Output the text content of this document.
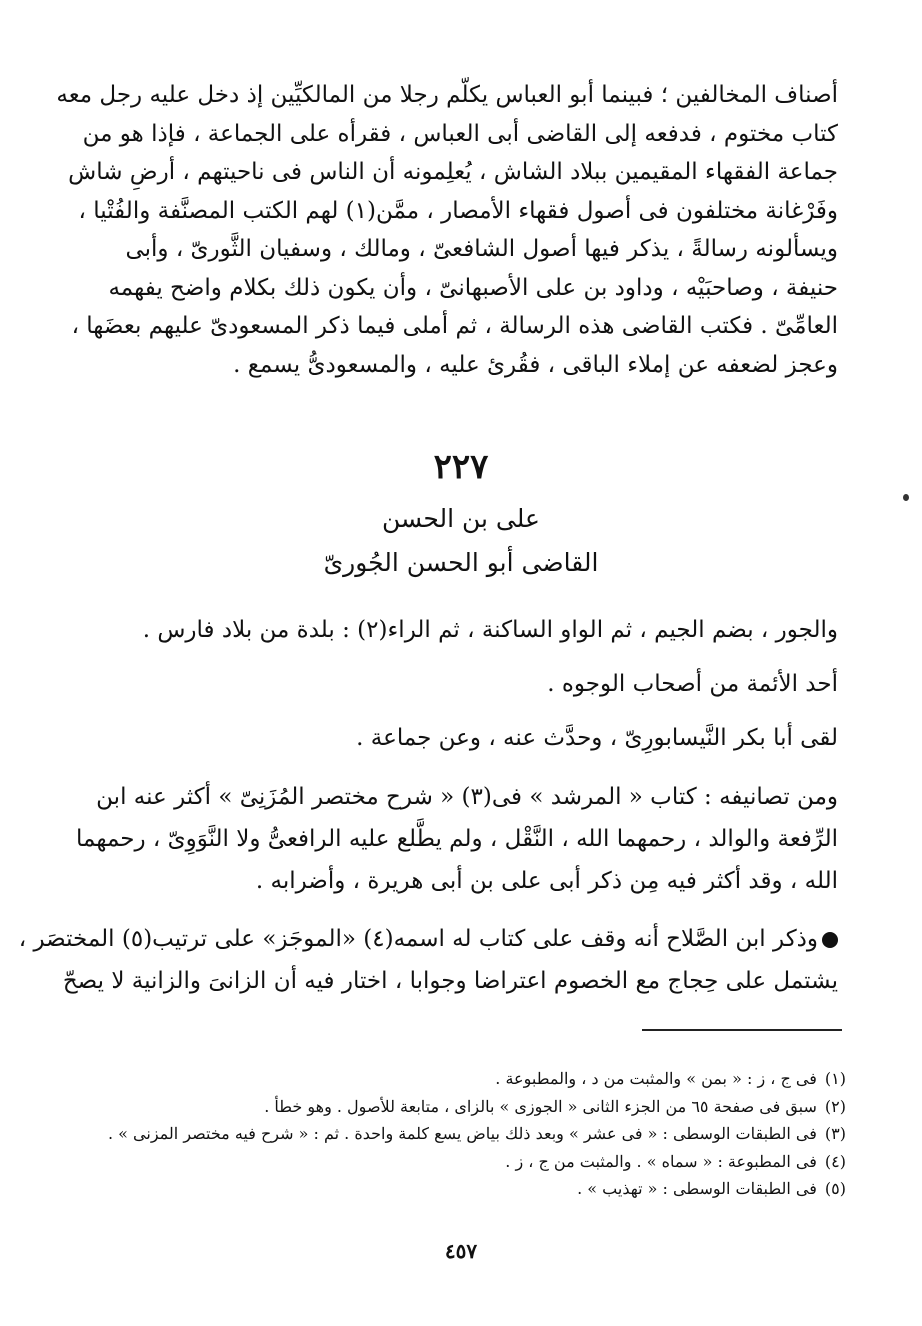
أصناف المخالفين ؛ فبينما أبو العباس يكلّم رجلا من المالكيِّين إذ دخل عليه رجل معه
كتاب مختوم ، فدفعه إلى القاضى أبى العباس ، فقرأه على الجماعة ، فإذا هو من
جماعة الفقهاء المقيمين ببلاد الشاش ، يُعلِمونه أن الناس فى ناحيتهم ، أرضِ شاش
وفَرْغانة مختلفون فى أصول فقهاء الأمصار ، ممَّن(١) لهم الكتب المصنَّفة والفُتْيا ،
ويسألونه رسالةً ، يذكر فيها أصول الشافعىّ ، ومالك ، وسفيان الثَّورىّ ، وأبى
حنيفة ، وصاحبَيْه ، وداود بن على الأصبهانىّ ، وأن يكون ذلك بكلام واضح يفهمه
العامِّىّ . فكتب القاضى هذه الرسالة ، ثم أملى فيما ذكر المسعودىّ عليهم بعضَها ،
وعجز لضعفه عن إملاء الباقى ، فقُرئ عليه ، والمسعودىُّ يسمع .

٢٢٧
على بن الحسن
القاضى أبو الحسن الجُورىّ

والجور ، بضم الجيم ، ثم الواو الساكنة ، ثم الراء(٢) : بلدة من بلاد فارس .

أحد الأئمة من أصحاب الوجوه .

لقى أبا بكر النَّيسابورِىّ ، وحدَّث عنه ، وعن جماعة .

ومن تصانيفه : كتاب « المرشد » فى(٣) « شرح مختصر المُزَنِىّ » أكثر عنه ابن
الرِّفعة والوالد ، رحمهما الله ، النَّقْل ، ولم يطَّلع عليه الرافعىُّ ولا النَّوَوِىّ ، رحمهما
الله ، وقد أكثر فيه مِن ذكر أبى على بن أبى هريرة ، وأضرابه .

وذكر ابن الصَّلاح أنه وقف على كتاب له اسمه(٤) «الموجَز» على ترتيب(٥) المختصَر ،
يشتمل على حِجاج مع الخصوم اعتراضا وجوابا ، اختار فيه أن الزانىَ والزانية لا يصحّ

(١)فى ج ، ز : « بمن » والمثبت من د ، والمطبوعة .
(٢)سبق فى صفحة ٦٥ من الجزء الثانى « الجوزى » بالزاى ، متابعة للأصول . وهو خطأ .
(٣)فى الطبقات الوسطى : « فى عشر » وبعد ذلك بياض يسع كلمة واحدة . ثم : « شرح فيه مختصر المزنى » .
(٤)فى المطبوعة : « سماه » . والمثبت من ج ، ز .
(٥)فى الطبقات الوسطى : « تهذيب » .
٤٥٧
